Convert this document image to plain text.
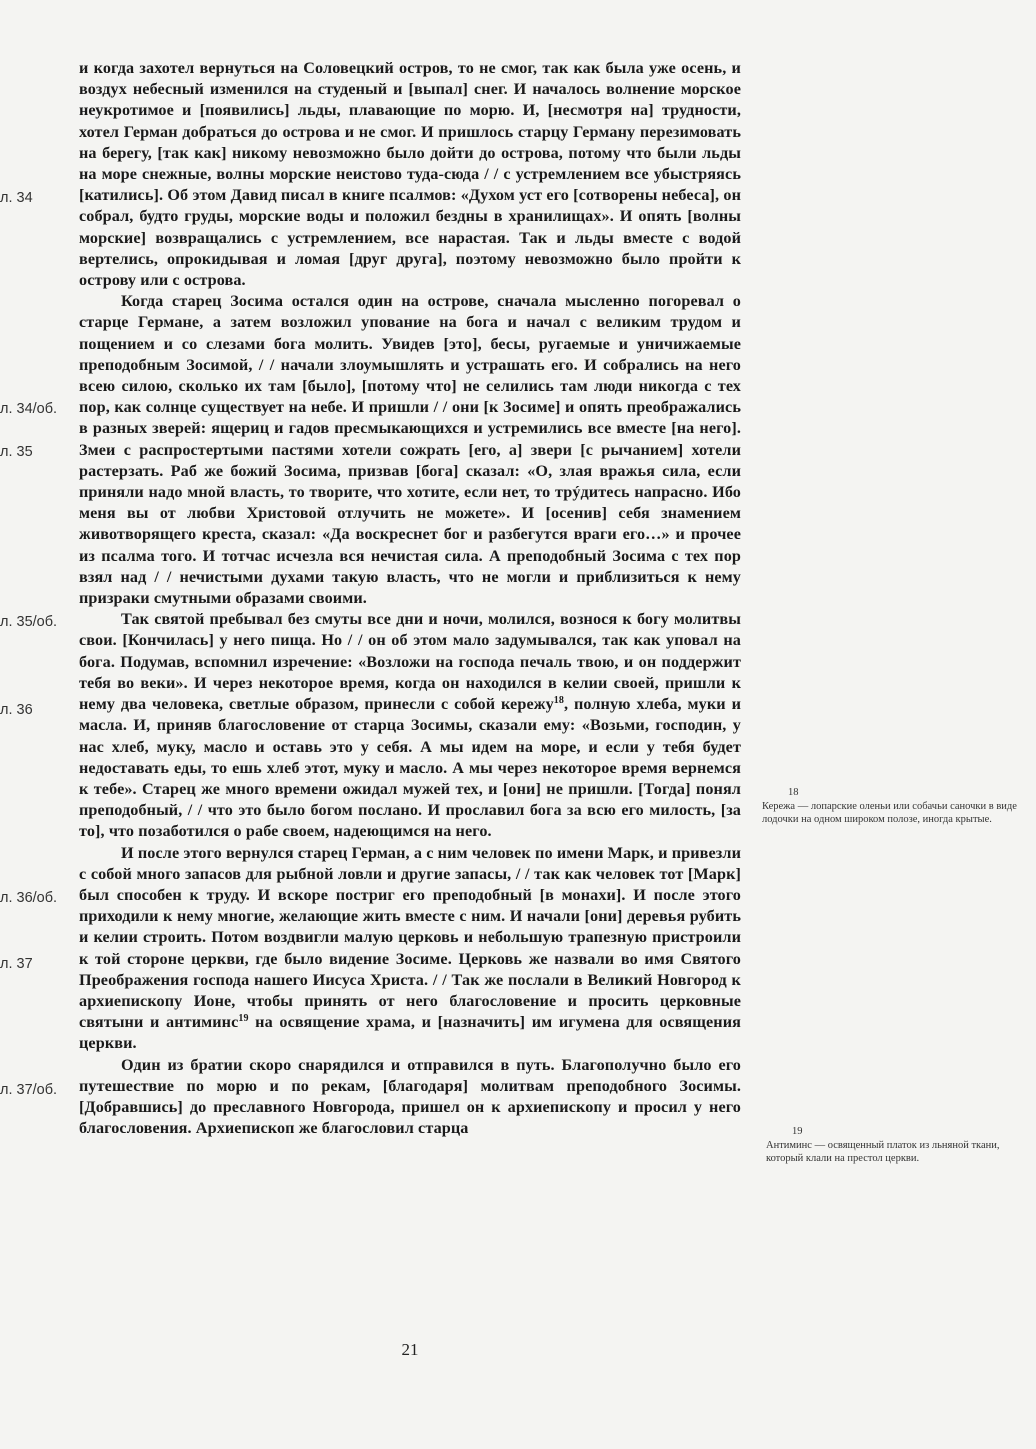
и когда захотел вернуться на Соловецкий остров, то не смог, так как была уже осень, и воздух небесный изменился на студеный и [выпал] снег. И началось волнение морское неукротимое и [появились] льды, плавающие по морю. И, [несмотря на] трудности, хотел Герман добраться до острова и не смог. И пришлось старцу Герману перезимовать на берегу, [так как] никому невозможно было дойти до острова, потому что были льды на море снежные, волны морские неистово туда-сюда / / с устремлением все убыстряясь [катились]. Об этом Давид писал в книге псалмов: «Духом уст его [сотворены небеса], он собрал, будто груды, морские воды и положил бездны в хранилищах». И опять [волны морские] возвращались с устремлением, все нарастая. Так и льды вместе с водой вертелись, опрокидывая и ломая [друг друга], поэтому невозможно было пройти к острову или с острова.

Когда старец Зосима остался один на острове, сначала мысленно погоревал о старце Германе, а затем возложил упование на бога и начал с великим трудом и пощением и со слезами бога молить. Увидев [это], бесы, ругаемые и уничижаемые преподобным Зосимой, / / начали злоумышлять и устрашать его. И собрались на него всею силою, сколько их там [было], [потому что] не селились там люди никогда с тех пор, как солнце существует на небе. И пришли / / они [к Зосиме] и опять преображались в разных зверей: ящериц и гадов пресмыкающихся и устремились все вместе [на него]. Змеи с распростертыми пастями хотели сожрать [его, а] звери [с рычанием] хотели растерзать. Раб же божий Зосима, призвав [бога] сказал: «О, злая вражья сила, если приняли надо мной власть, то творите, что хотите, если нет, то трýдитесь напрасно. Ибо меня вы от любви Христовой отлучить не можете». И [осенив] себя знамением животворящего креста, сказал: «Да воскреснет бог и разбегутся враги его…» и прочее из псалма того. И тотчас исчезла вся нечистая сила. А преподобный Зосима с тех пор взял над / / нечистыми духами такую власть, что не могли и приблизиться к нему призраки смутными образами своими.

Так святой пребывал без смуты все дни и ночи, молился, вознося к богу молитвы свои. [Кончилась] у него пища. Но / / он об этом мало задумывался, так как уповал на бога. Подумав, вспомнил изречение: «Возложи на господа печаль твою, и он поддержит тебя во веки». И через некоторое время, когда он находился в келии своей, пришли к нему два человека, светлые образом, принесли с собой кережу$^{18}$, полную хлеба, муки и масла. И, приняв благословение от старца Зосимы, сказали ему: «Возьми, господин, у нас хлеб, муку, масло и оставь это у себя. А мы идем на море, и если у тебя будет недоставать еды, то ешь хлеб этот, муку и масло. А мы через некоторое время вернемся к тебе». Старец же много времени ожидал мужей тех, и [они] не пришли. [Тогда] понял преподобный, / / что это было богом послано. И прославил бога за всю его милость, [за то], что позаботился о рабе своем, надеющимся на него.

И после этого вернулся старец Герман, а с ним человек по имени Марк, и привезли с собой много запасов для рыбной ловли и другие запасы, / / так как человек тот [Марк] был способен к труду. И вскоре постриг его преподобный [в монахи]. И после этого приходили к нему многие, желающие жить вместе с ним. И начали [они] деревья рубить и келии строить. Потом воздвигли малую церковь и небольшую трапезную пристроили к той стороне церкви, где было видение Зосиме. Церковь же назвали во имя Святого Преображения господа нашего Иисуса Христа. / / Так же послали в Великий Новгород к архиепископу Ионе, чтобы принять от него благословение и просить церковные святыни и антиминс$^{19}$ на освящение храма, и [назначить] им игумена для освящения церкви.

Один из братии скоро снарядился и отправился в путь. Благополучно было его путешествие по морю и по рекам, [благодаря] молитвам преподобного Зосимы. [Добравшись] до преславного Новгорода, пришел он к архиепископу и просил у него благословения. Архиепископ же благословил старца

л. 34
л. 34/об.
л. 35
л. 35/об.
л. 36
л. 36/об.
л. 37
л. 37/об.
18
Кережа — лопарские оленьи или собачьи саночки в виде лодочки на одном широком полозе, иногда крытые.
19
Антиминс — освященный платок из льняной ткани, который клали на престол церкви.
21
